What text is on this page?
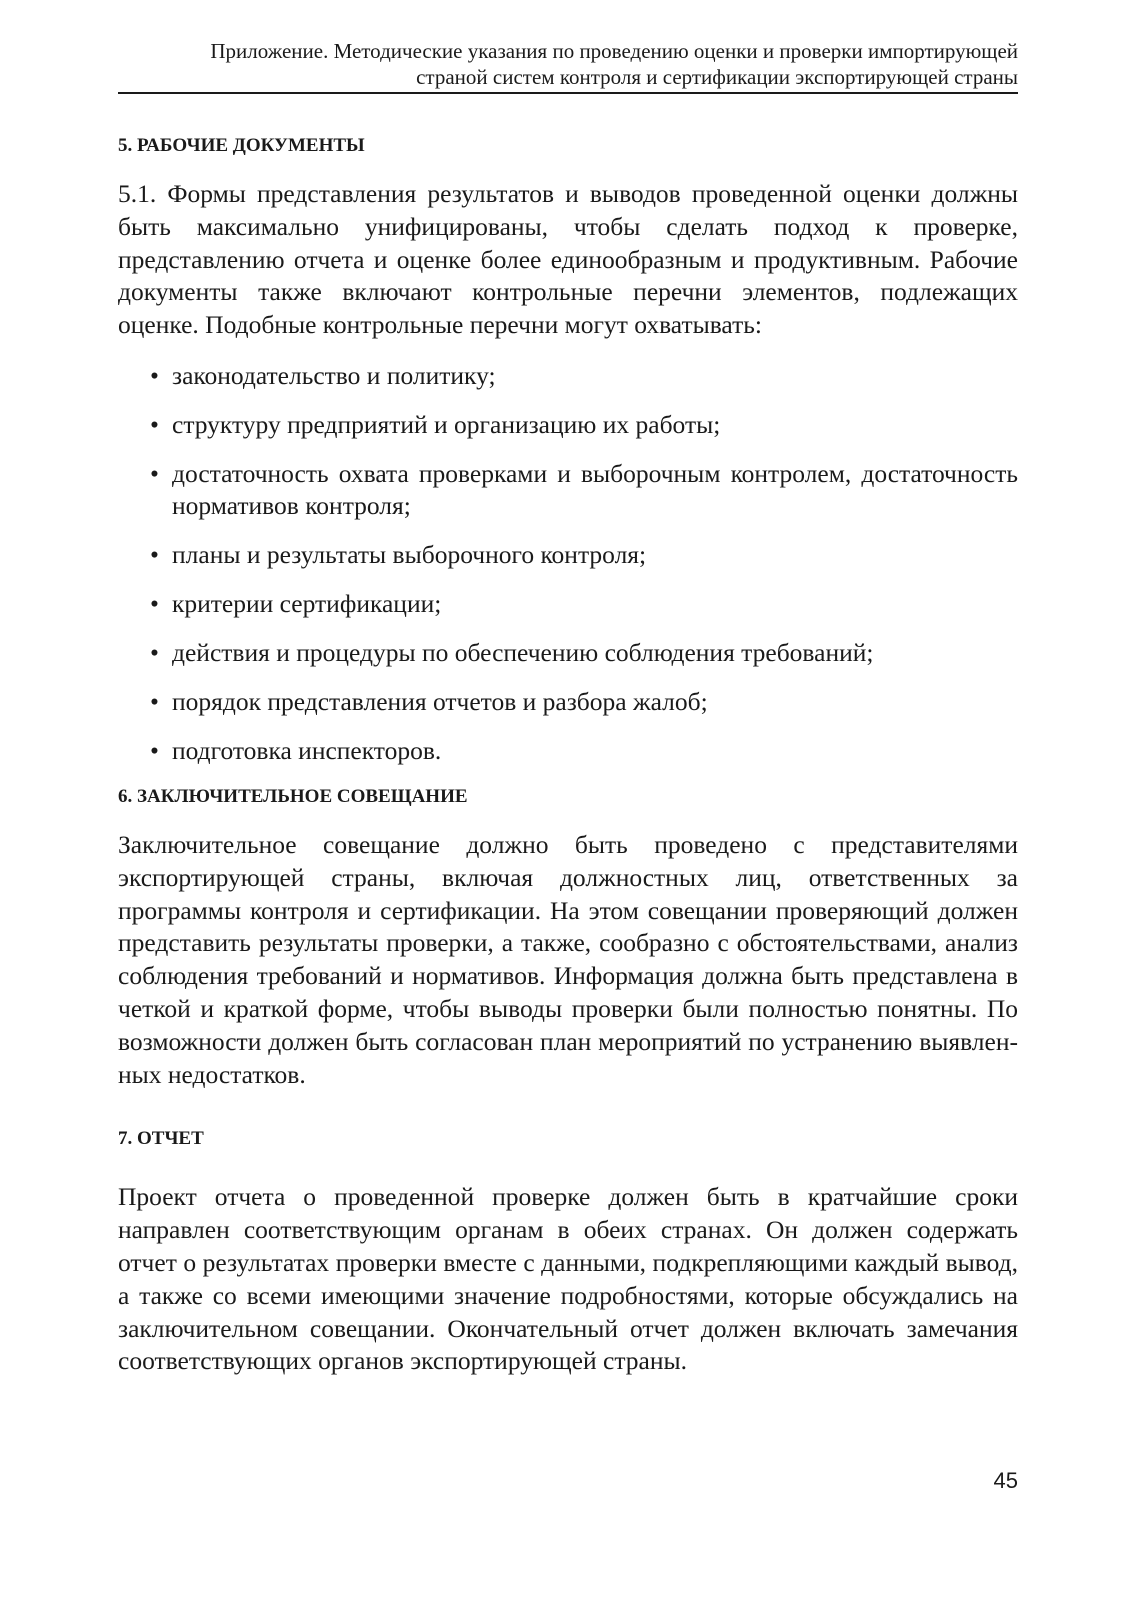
Приложение. Методические указания по проведению оценки и проверки импортирующей
страной систем контроля и сертификации экспортирующей страны
5. РАБОЧИЕ ДОКУМЕНТЫ

5.1. Формы представления результатов и выводов проведенной оценки должны быть максимально унифицированы, чтобы сделать подход к проверке, представлению отчета и оценке более единообразным и продуктивным. Рабочие документы также включают контрольные перечни элементов, подлежащих оценке. Подобные контрольные перечни могут охватывать:

• законодательство и политику;
• структуру предприятий и организацию их работы;
• достаточность охвата проверками и выборочным контролем, достаточность нормативов контроля;
• планы и результаты выборочного контроля;
• критерии сертификации;
• действия и процедуры по обеспечению соблюдения требований;
• порядок представления отчетов и разбора жалоб;
• подготовка инспекторов.
6. ЗАКЛЮЧИТЕЛЬНОЕ СОВЕЩАНИЕ

Заключительное совещание должно быть проведено с представителями экспортирующей страны, включая должностных лиц, ответственных за программы контроля и сертификации. На этом совещании проверяющий должен представить результаты проверки, а также, сообразно с обстоятельствами, анализ соблюдения требований и нормативов. Информация должна быть представлена в четкой и краткой форме, чтобы выводы проверки были полностью понятны. По возможности должен быть согласован план мероприятий по устранению выявленных недостатков.

7. ОТЧЕТ

Проект отчета о проведенной проверке должен быть в кратчайшие сроки направлен соответствующим органам в обеих странах. Он должен содержать отчет о результатах проверки вместе с данными, подкрепляющими каждый вывод, а также со всеми имеющими значение подробностями, которые обсуждались на заключительном совещании. Окончательный отчет должен включать замечания соответствующих органов экспортирующей страны.

45
